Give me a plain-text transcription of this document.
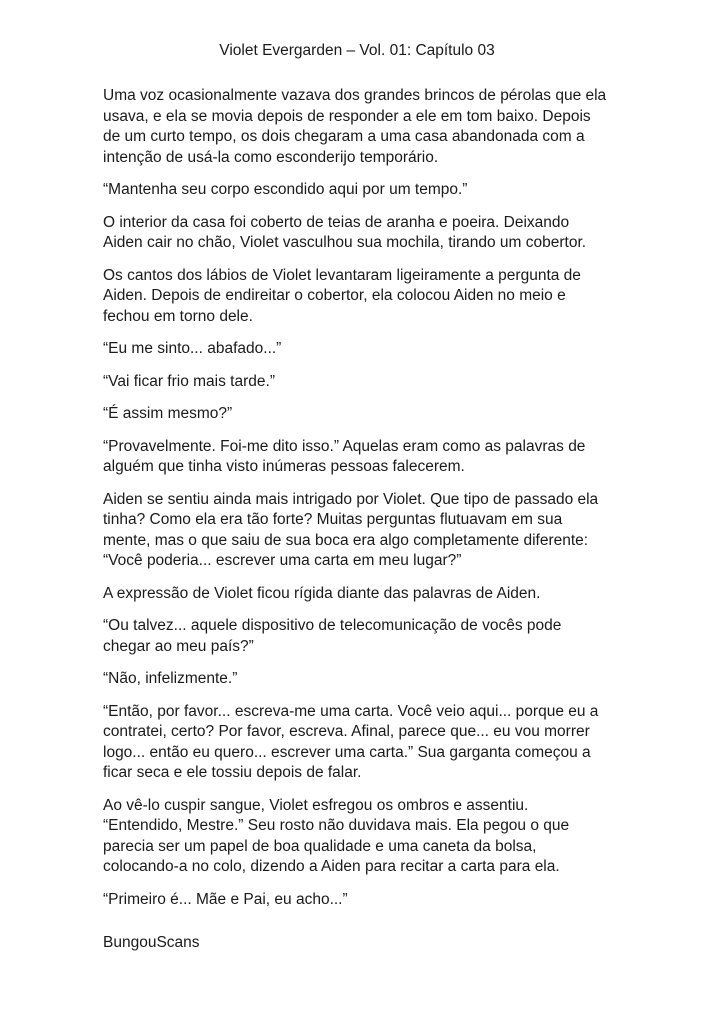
Violet Evergarden – Vol. 01: Capítulo 03

Uma voz ocasionalmente vazava dos grandes brincos de pérolas que ela
usava, e ela se movia depois de responder a ele em tom baixo. Depois
de um curto tempo, os dois chegaram a uma casa abandonada com a
intenção de usá-la como esconderijo temporário.

“Mantenha seu corpo escondido aqui por um tempo.”

O interior da casa foi coberto de teias de aranha e poeira. Deixando
Aiden cair no chão, Violet vasculhou sua mochila, tirando um cobertor.

Os cantos dos lábios de Violet levantaram ligeiramente a pergunta de
Aiden. Depois de endireitar o cobertor, ela colocou Aiden no meio e
fechou em torno dele.

“Eu me sinto... abafado...”

“Vai ficar frio mais tarde.”

“É assim mesmo?”

“Provavelmente. Foi-me dito isso.” Aquelas eram como as palavras de
alguém que tinha visto inúmeras pessoas falecerem.

Aiden se sentiu ainda mais intrigado por Violet. Que tipo de passado ela
tinha? Como ela era tão forte? Muitas perguntas flutuavam em sua
mente, mas o que saiu de sua boca era algo completamente diferente:
“Você poderia... escrever uma carta em meu lugar?”

A expressão de Violet ficou rígida diante das palavras de Aiden.

“Ou talvez... aquele dispositivo de telecomunicação de vocês pode
chegar ao meu país?”

“Não, infelizmente.”

“Então, por favor... escreva-me uma carta. Você veio aqui... porque eu a
contratei, certo? Por favor, escreva. Afinal, parece que... eu vou morrer
logo... então eu quero... escrever uma carta.” Sua garganta começou a
ficar seca e ele tossiu depois de falar.

Ao vê-lo cuspir sangue, Violet esfregou os ombros e assentiu.
“Entendido, Mestre.” Seu rosto não duvidava mais. Ela pegou o que
parecia ser um papel de boa qualidade e uma caneta da bolsa,
colocando-a no colo, dizendo a Aiden para recitar a carta para ela.

“Primeiro é... Mãe e Pai, eu acho...”

BungouScans
